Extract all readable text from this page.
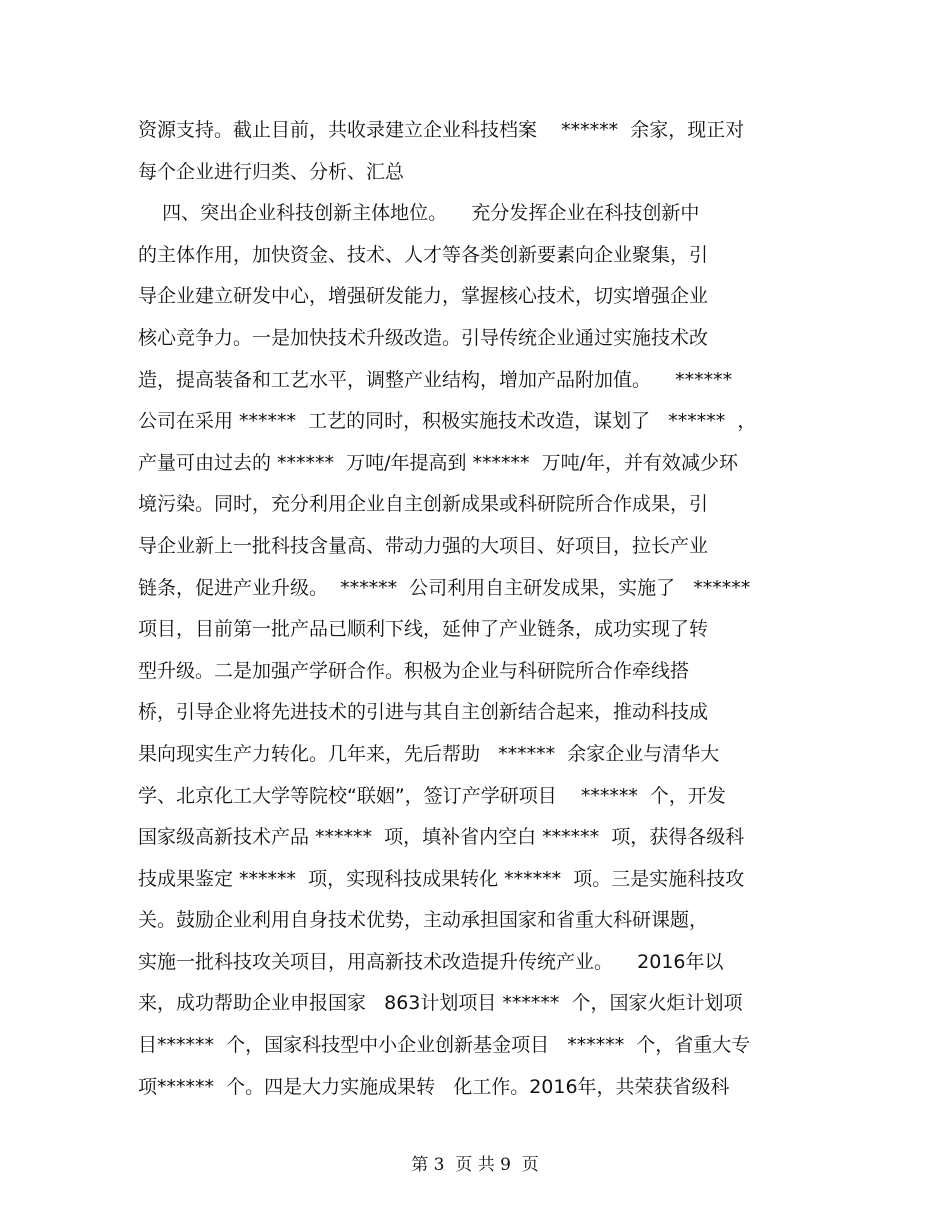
资源支持。截止目前，共收录建立企业科技档案    ******  余家，现正对
每个企业进行归类、分析、汇总
四、突出企业科技创新主体地位。    充分发挥企业在科技创新中
的主体作用，加快资金、技术、人才等各类创新要素向企业聚集，引
导企业建立研发中心，增强研发能力，掌握核心技术，切实增强企业
核心竞争力。一是加快技术升级改造。引导传统企业通过实施技术改
造，提高装备和工艺水平，调整产业结构，增加产品附加值。    ******
公司在采用 ******  工艺的同时，积极实施技术改造，谋划了   ******  ，
产量可由过去的 ******  万吨/年提高到 ******  万吨/年，并有效减少环
境污染。同时，充分利用企业自主创新成果或科研院所合作成果，引
导企业新上一批科技含量高、带动力强的大项目、好项目，拉长产业
链条，促进产业升级。  ******  公司利用自主研发成果，实施了   ******
项目，目前第一批产品已顺利下线，延伸了产业链条，成功实现了转
型升级。二是加强产学研合作。积极为企业与科研院所合作牵线搭
桥，引导企业将先进技术的引进与其自主创新结合起来，推动科技成
果向现实生产力转化。几年来，先后帮助   ******  余家企业与清华大
学、北京化工大学等院校“联姻”，签订产学研项目    ******  个，开发
国家级高新技术产品 ******  项，填补省内空白 ******  项，获得各级科
技成果鉴定 ******  项，实现科技成果转化 ******  项。三是实施科技攻
关。鼓励企业利用自身技术优势，主动承担国家和省重大科研课题，
实施一批科技攻关项目，用高新技术改造提升传统产业。    2016年以
来，成功帮助企业申报国家   863计划项目 ******  个，国家火炬计划项
目******  个，国家科技型中小企业创新基金项目   ******  个，省重大专
项******  个。四是大力实施成果转   化工作。2016年，共荣获省级科
第 3  页 共 9  页
